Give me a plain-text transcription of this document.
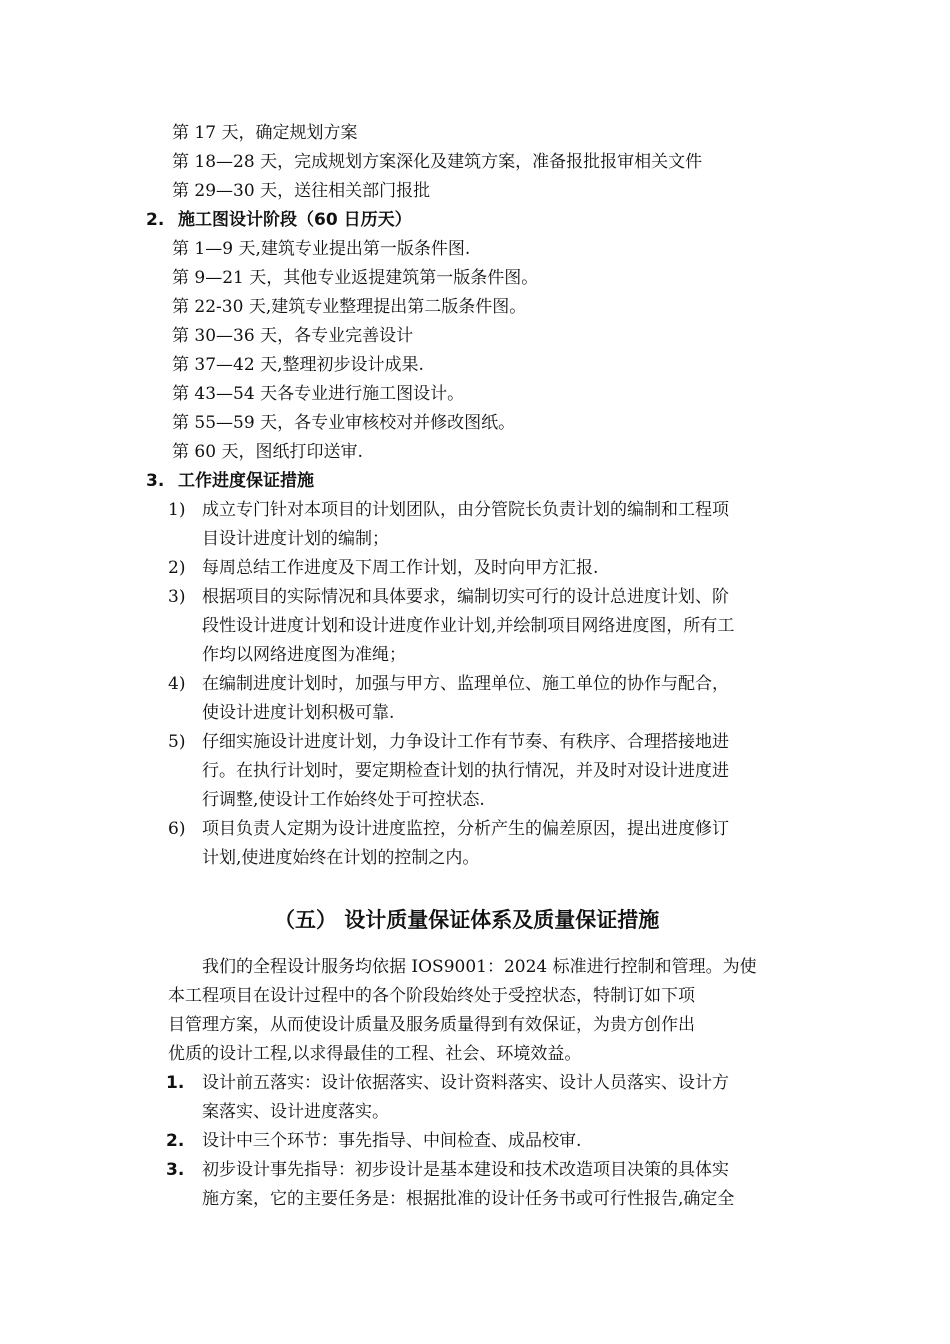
第 17 天，确定规划方案
第 18—28 天，完成规划方案深化及建筑方案，准备报批报审相关文件
第 29—30 天，送往相关部门报批
2. 施工图设计阶段（60 日历天）
第 1—9 天,建筑专业提出第一版条件图.
第 9—21 天，其他专业返提建筑第一版条件图。
第 22-30 天,建筑专业整理提出第二版条件图。
第 30—36 天，各专业完善设计
第 37—42 天,整理初步设计成果.
第 43—54 天各专业进行施工图设计。
第 55—59 天，各专业审核校对并修改图纸。
第 60 天，图纸打印送审.
3. 工作进度保证措施
1) 成立专门针对本项目的计划团队，由分管院长负责计划的编制和工程项
目设计进度计划的编制；
2) 每周总结工作进度及下周工作计划，及时向甲方汇报.
3) 根据项目的实际情况和具体要求，编制切实可行的设计总进度计划、阶
段性设计进度计划和设计进度作业计划,并绘制项目网络进度图，所有工
作均以网络进度图为准绳；
4) 在编制进度计划时，加强与甲方、监理单位、施工单位的协作与配合，
使设计进度计划积极可靠.
5) 仔细实施设计进度计划，力争设计工作有节奏、有秩序、合理搭接地进
行。在执行计划时，要定期检查计划的执行情况，并及时对设计进度进
行调整,使设计工作始终处于可控状态.
6) 项目负责人定期为设计进度监控，分析产生的偏差原因，提出进度修订
计划,使进度始终在计划的控制之内。
（五） 设计质量保证体系及质量保证措施
我们的全程设计服务均依据 IOS9001：2024 标准进行控制和管理。为使
本工程项目在设计过程中的各个阶段始终处于受控状态，特制订如下项
目管理方案，从而使设计质量及服务质量得到有效保证，为贵方创作出
优质的设计工程,以求得最佳的工程、社会、环境效益。
1. 设计前五落实：设计依据落实、设计资料落实、设计人员落实、设计方
案落实、设计进度落实。
2. 设计中三个环节：事先指导、中间检查、成品校审.
3. 初步设计事先指导：初步设计是基本建设和技术改造项目决策的具体实
施方案，它的主要任务是：根据批准的设计任务书或可行性报告,确定全
